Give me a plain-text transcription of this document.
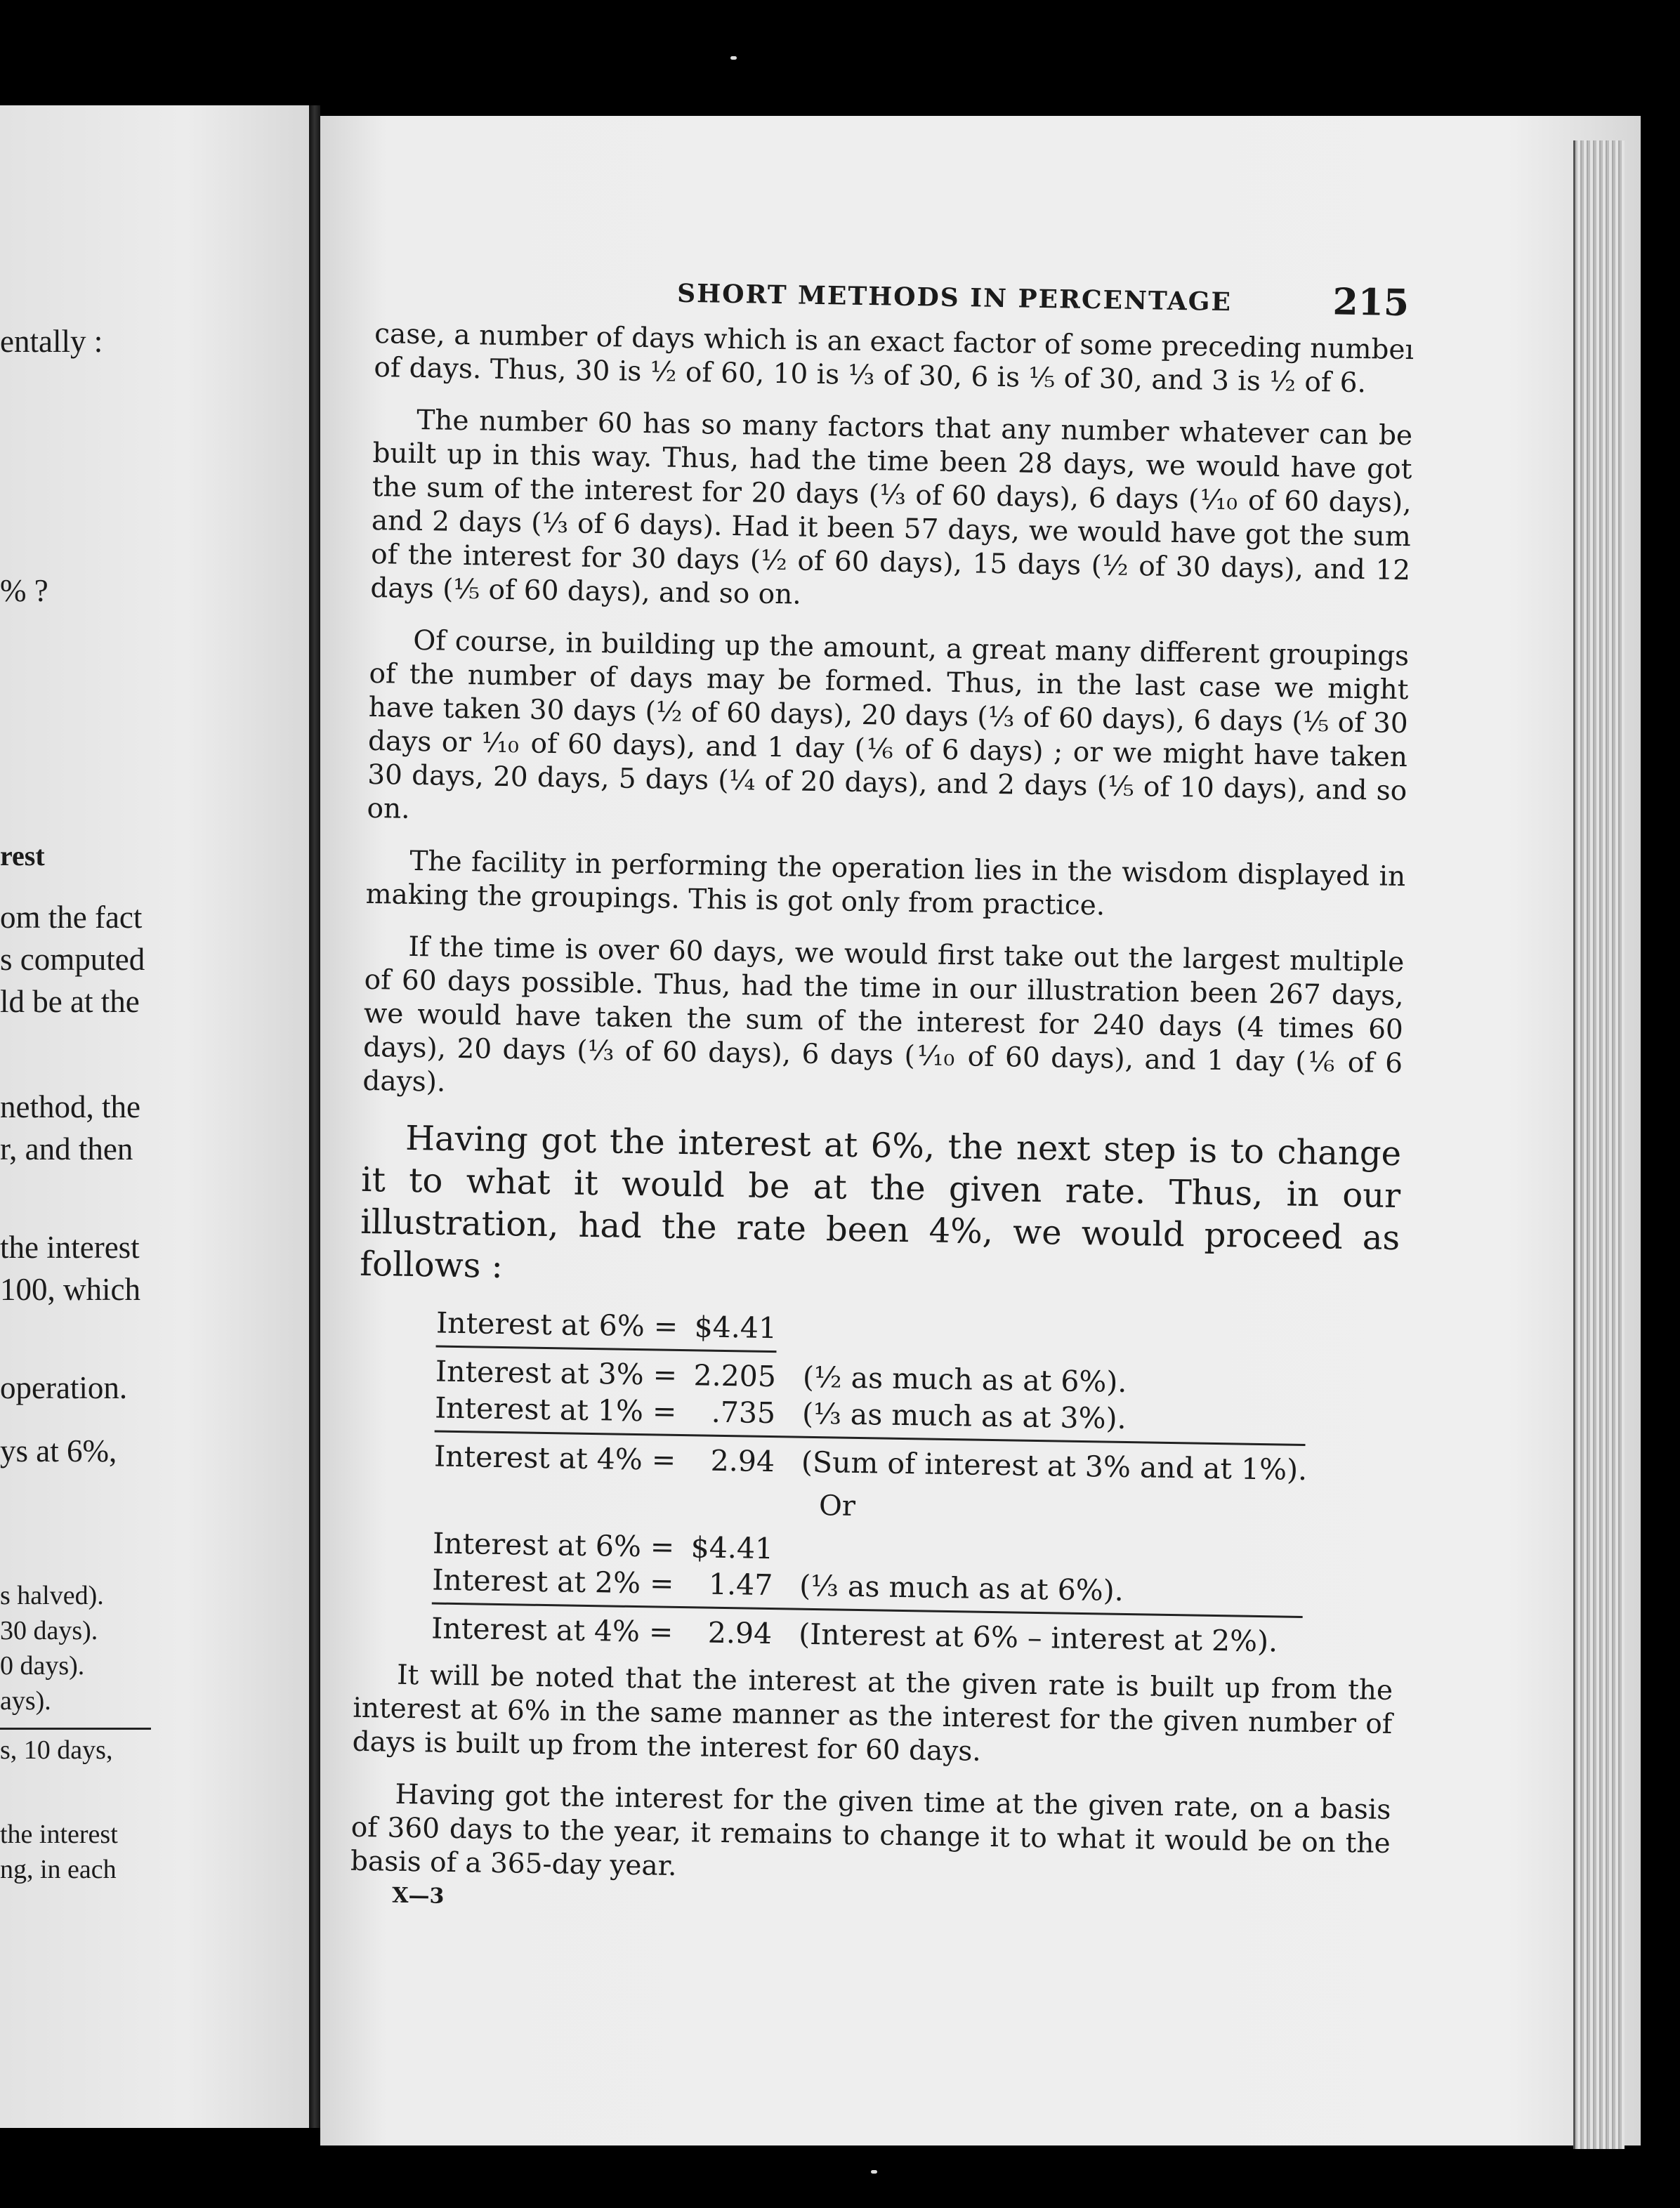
entally :
% ?
rest
om the fact
s computed
ld be at the
nethod, the
r, and then
the interest
100, which
operation.
ys at 6%,
s halved).
30 days).
0 days).
ays).
s, 10 days,
the interest
ng, in each
SHORT METHODS IN PERCENTAGE	215

case, a number of days which is an exact factor of some preceding numbeı of days. Thus, 30 is ½ of 60, 10 is ⅓ of 30, 6 is ⅕ of 30, and 3 is ½ of 6.

The number 60 has so many factors that any number whatever can be built up in this way. Thus, had the time been 28 days, we would have got the sum of the interest for 20 days (⅓ of 60 days), 6 days (⅒ of 60 days), and 2 days (⅓ of 6 days). Had it been 57 days, we would have got the sum of the interest for 30 days (½ of 60 days), 15 days (½ of 30 days), and 12 days (⅕ of 60 days), and so on.

Of course, in building up the amount, a great many different groupings of the number of days may be formed. Thus, in the last case we might have taken 30 days (½ of 60 days), 20 days (⅓ of 60 days), 6 days (⅕ of 30 days or ⅒ of 60 days), and 1 day (⅙ of 6 days) ; or we might have taken 30 days, 20 days, 5 days (¼ of 20 days), and 2 days (⅕ of 10 days), and so on.

The facility in performing the operation lies in the wisdom displayed in making the groupings. This is got only from practice.

If the time is over 60 days, we would first take out the largest multiple of 60 days possible. Thus, had the time in our illustration been 267 days, we would have taken the sum of the interest for 240 days (4 times 60 days), 20 days (⅓ of 60 days), 6 days (⅒ of 60 days), and 1 day (⅙ of 6 days).

Having got the interest at 6%, the next step is to change it to what it would be at the given rate. Thus, in our illustration, had the rate been 4%, we would proceed as follows :

Interest at 6% = $4.41
Interest at 3% = 2.205 (½ as much as at 6%).
Interest at 1% =	.735 (⅓ as much as at 3%).
Interest at 4% =	2.94 (Sum of interest at 3% and at 1%).
Or
Interest at 6% = $4.41
Interest at 2% =	1.47 (⅓ as much as at 6%).
Interest at 4% =	2.94 (Interest at 6% – interest at 2%).

It will be noted that the interest at the given rate is built up from the interest at 6% in the same manner as the interest for the given number of days is built up from the interest for 60 days.

Having got the interest for the given time at the given rate, on a basis of 360 days to the year, it remains to change it to what it would be on the basis of a 365-day year.

X—3
